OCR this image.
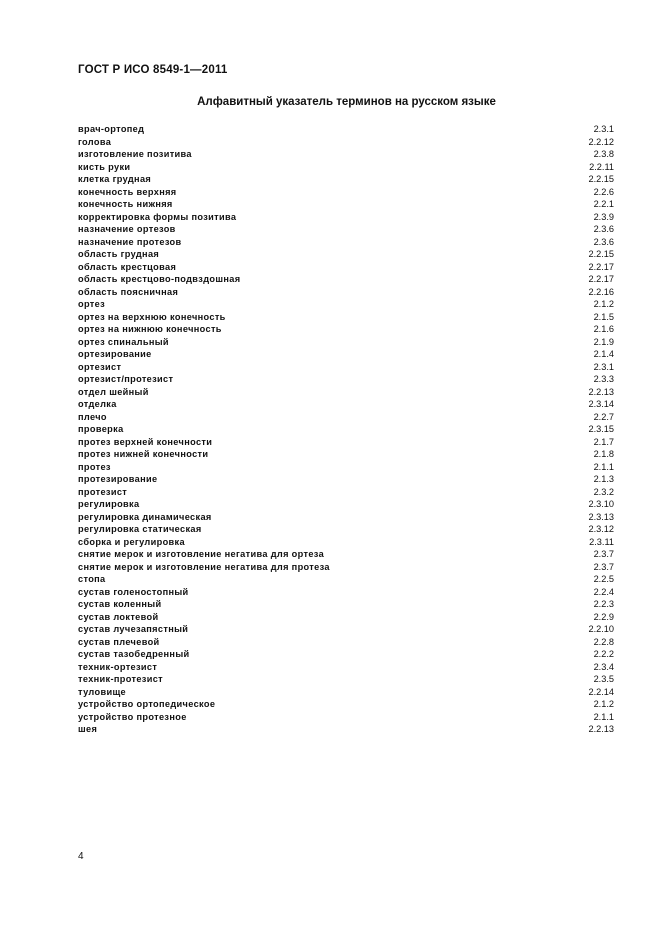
ГОСТ Р ИСО 8549-1—2011
Алфавитный указатель терминов на русском языке
врач-ортопед	2.3.1
голова	2.2.12
изготовление позитива	2.3.8
кисть руки	2.2.11
клетка грудная	2.2.15
конечность верхняя	2.2.6
конечность нижняя	2.2.1
корректировка формы позитива	2.3.9
назначение ортезов	2.3.6
назначение протезов	2.3.6
область грудная	2.2.15
область крестцовая	2.2.17
область крестцово-подвздошная	2.2.17
область поясничная	2.2.16
ортез	2.1.2
ортез на верхнюю конечность	2.1.5
ортез на нижнюю конечность	2.1.6
ортез спинальный	2.1.9
ортезирование	2.1.4
ортезист	2.3.1
ортезист/протезист	2.3.3
отдел шейный	2.2.13
отделка	2.3.14
плечо	2.2.7
проверка	2.3.15
протез верхней конечности	2.1.7
протез нижней конечности	2.1.8
протез	2.1.1
протезирование	2.1.3
протезист	2.3.2
регулировка	2.3.10
регулировка динамическая	2.3.13
регулировка статическая	2.3.12
сборка и регулировка	2.3.11
снятие мерок и изготовление негатива для ортеза	2.3.7
снятие мерок и изготовление негатива для протеза	2.3.7
стопа	2.2.5
сустав голеностопный	2.2.4
сустав коленный	2.2.3
сустав локтевой	2.2.9
сустав лучезапястный	2.2.10
сустав плечевой	2.2.8
сустав тазобедренный	2.2.2
техник-ортезист	2.3.4
техник-протезист	2.3.5
туловище	2.2.14
устройство ортопедическое	2.1.2
устройство протезное	2.1.1
шея	2.2.13
4
